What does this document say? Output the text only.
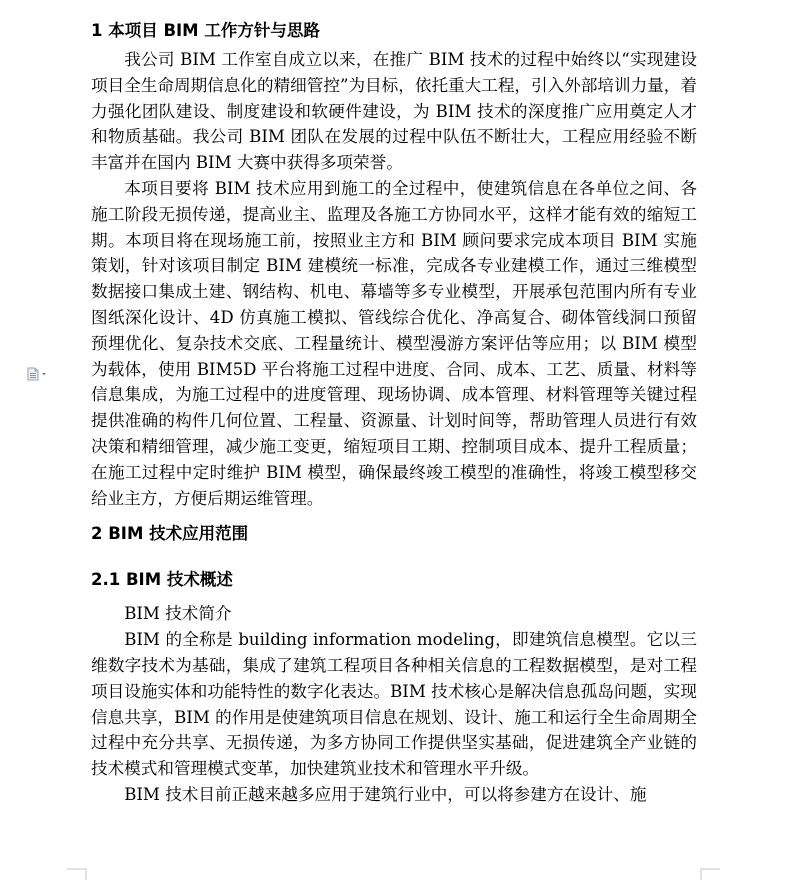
1 本项目 BIM 工作方针与思路

我公司 BIM 工作室自成立以来，在推广 BIM 技术的过程中始终以“实现建设项目全生命周期信息化的精细管控”为目标，依托重大工程，引入外部培训力量，着力强化团队建设、制度建设和软硬件建设，为 BIM 技术的深度推广应用奠定人才和物质基础。我公司 BIM 团队在发展的过程中队伍不断壮大，工程应用经验不断丰富并在国内 BIM 大赛中获得多项荣誉。

本项目要将 BIM 技术应用到施工的全过程中，使建筑信息在各单位之间、各施工阶段无损传递，提高业主、监理及各施工方协同水平，这样才能有效的缩短工期。本项目将在现场施工前，按照业主方和 BIM 顾问要求完成本项目 BIM 实施策划，针对该项目制定 BIM 建模统一标准，完成各专业建模工作，通过三维模型数据接口集成土建、钢结构、机电、幕墙等多专业模型，开展承包范围内所有专业图纸深化设计、4D 仿真施工模拟、管线综合优化、净高复合、砌体管线洞口预留预埋优化、复杂技术交底、工程量统计、模型漫游方案评估等应用；以 BIM 模型为载体，使用 BIM5D 平台将施工过程中进度、合同、成本、工艺、质量、材料等信息集成，为施工过程中的进度管理、现场协调、成本管理、材料管理等关键过程提供准确的构件几何位置、工程量、资源量、计划时间等，帮助管理人员进行有效决策和精细管理，减少施工变更，缩短项目工期、控制项目成本、提升工程质量；在施工过程中定时维护 BIM 模型，确保最终竣工模型的准确性，将竣工模型移交给业主方，方便后期运维管理。

2 BIM 技术应用范围
2.1 BIM 技术概述

BIM 技术简介

BIM 的全称是 building information modeling，即建筑信息模型。它以三维数字技术为基础，集成了建筑工程项目各种相关信息的工程数据模型，是对工程项目设施实体和功能特性的数字化表达。BIM 技术核心是解决信息孤岛问题，实现信息共享，BIM 的作用是使建筑项目信息在规划、设计、施工和运行全生命周期全过程中充分共享、无损传递，为多方协同工作提供坚实基础，促进建筑全产业链的技术模式和管理模式变革，加快建筑业技术和管理水平升级。

BIM 技术目前正越来越多应用于建筑行业中，可以将参建方在设计、施
